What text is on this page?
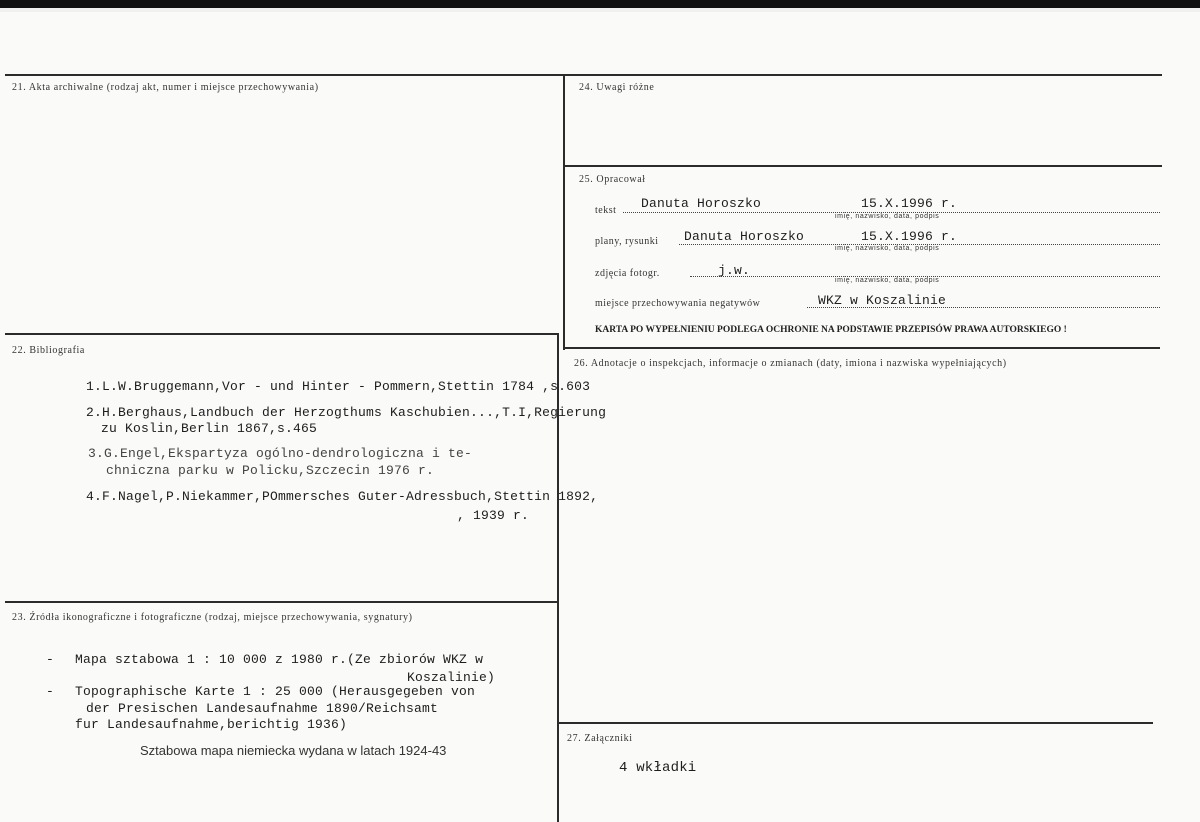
21. Akta archiwalne (rodzaj akt, numer i miejsce przechowywania)
22. Bibliografia
1.L.W.Bruggemann,Vor - und Hinter - Pommern,Stettin 1784 ,s.603
2.H.Berghaus,Landbuch der Herzogthums Kaschubien...,T.I,Regierung
zu Koslin,Berlin 1867,s.465
3.G.Engel,Ekspartyza ogólno-dendrologiczna i te-
chniczna parku w Policku,Szczecin 1976 r.
4.F.Nagel,P.Niekammer,POmmersches Guter-Adressbuch,Stettin 1892,
, 1939 r.
23. Źródła ikonograficzne i fotograficzne (rodzaj, miejsce przechowywania, sygnatury)
- Mapa sztabowa 1 : 10 000 z 1980 r.(Ze zbiorów WKZ w
Koszalinie)
- Topographische Karte 1 : 25 000 (Herausgegeben von
der Presischen Landesaufnahme 1890/Reichsamt
fur Landesaufnahme,berichtig 1936)
Sztabowa mapa niemiecka wydana w latach 1924-43
24. Uwagi różne
25. Opracował
tekst Danuta Horoszko	15.X.1996 r.
imię, nazwisko, data, podpis
plany, rysunki Danuta Horoszko	15.X.1996 r.
imię, nazwisko, data, podpis
zdjęcia fotogr.	j.w.
imię, nazwisko, data, podpis
miejsce przechowywania negatywów	WKZ w Koszalinie
KARTA PO WYPEŁNIENIU PODLEGA OCHRONIE NA PODSTAWIE PRZEPISÓW PRAWA AUTORSKIEGO !
26. Adnotacje o inspekcjach, informacje o zmianach (daty, imiona i nazwiska wypełniających)
27. Załączniki
4 wkładki
